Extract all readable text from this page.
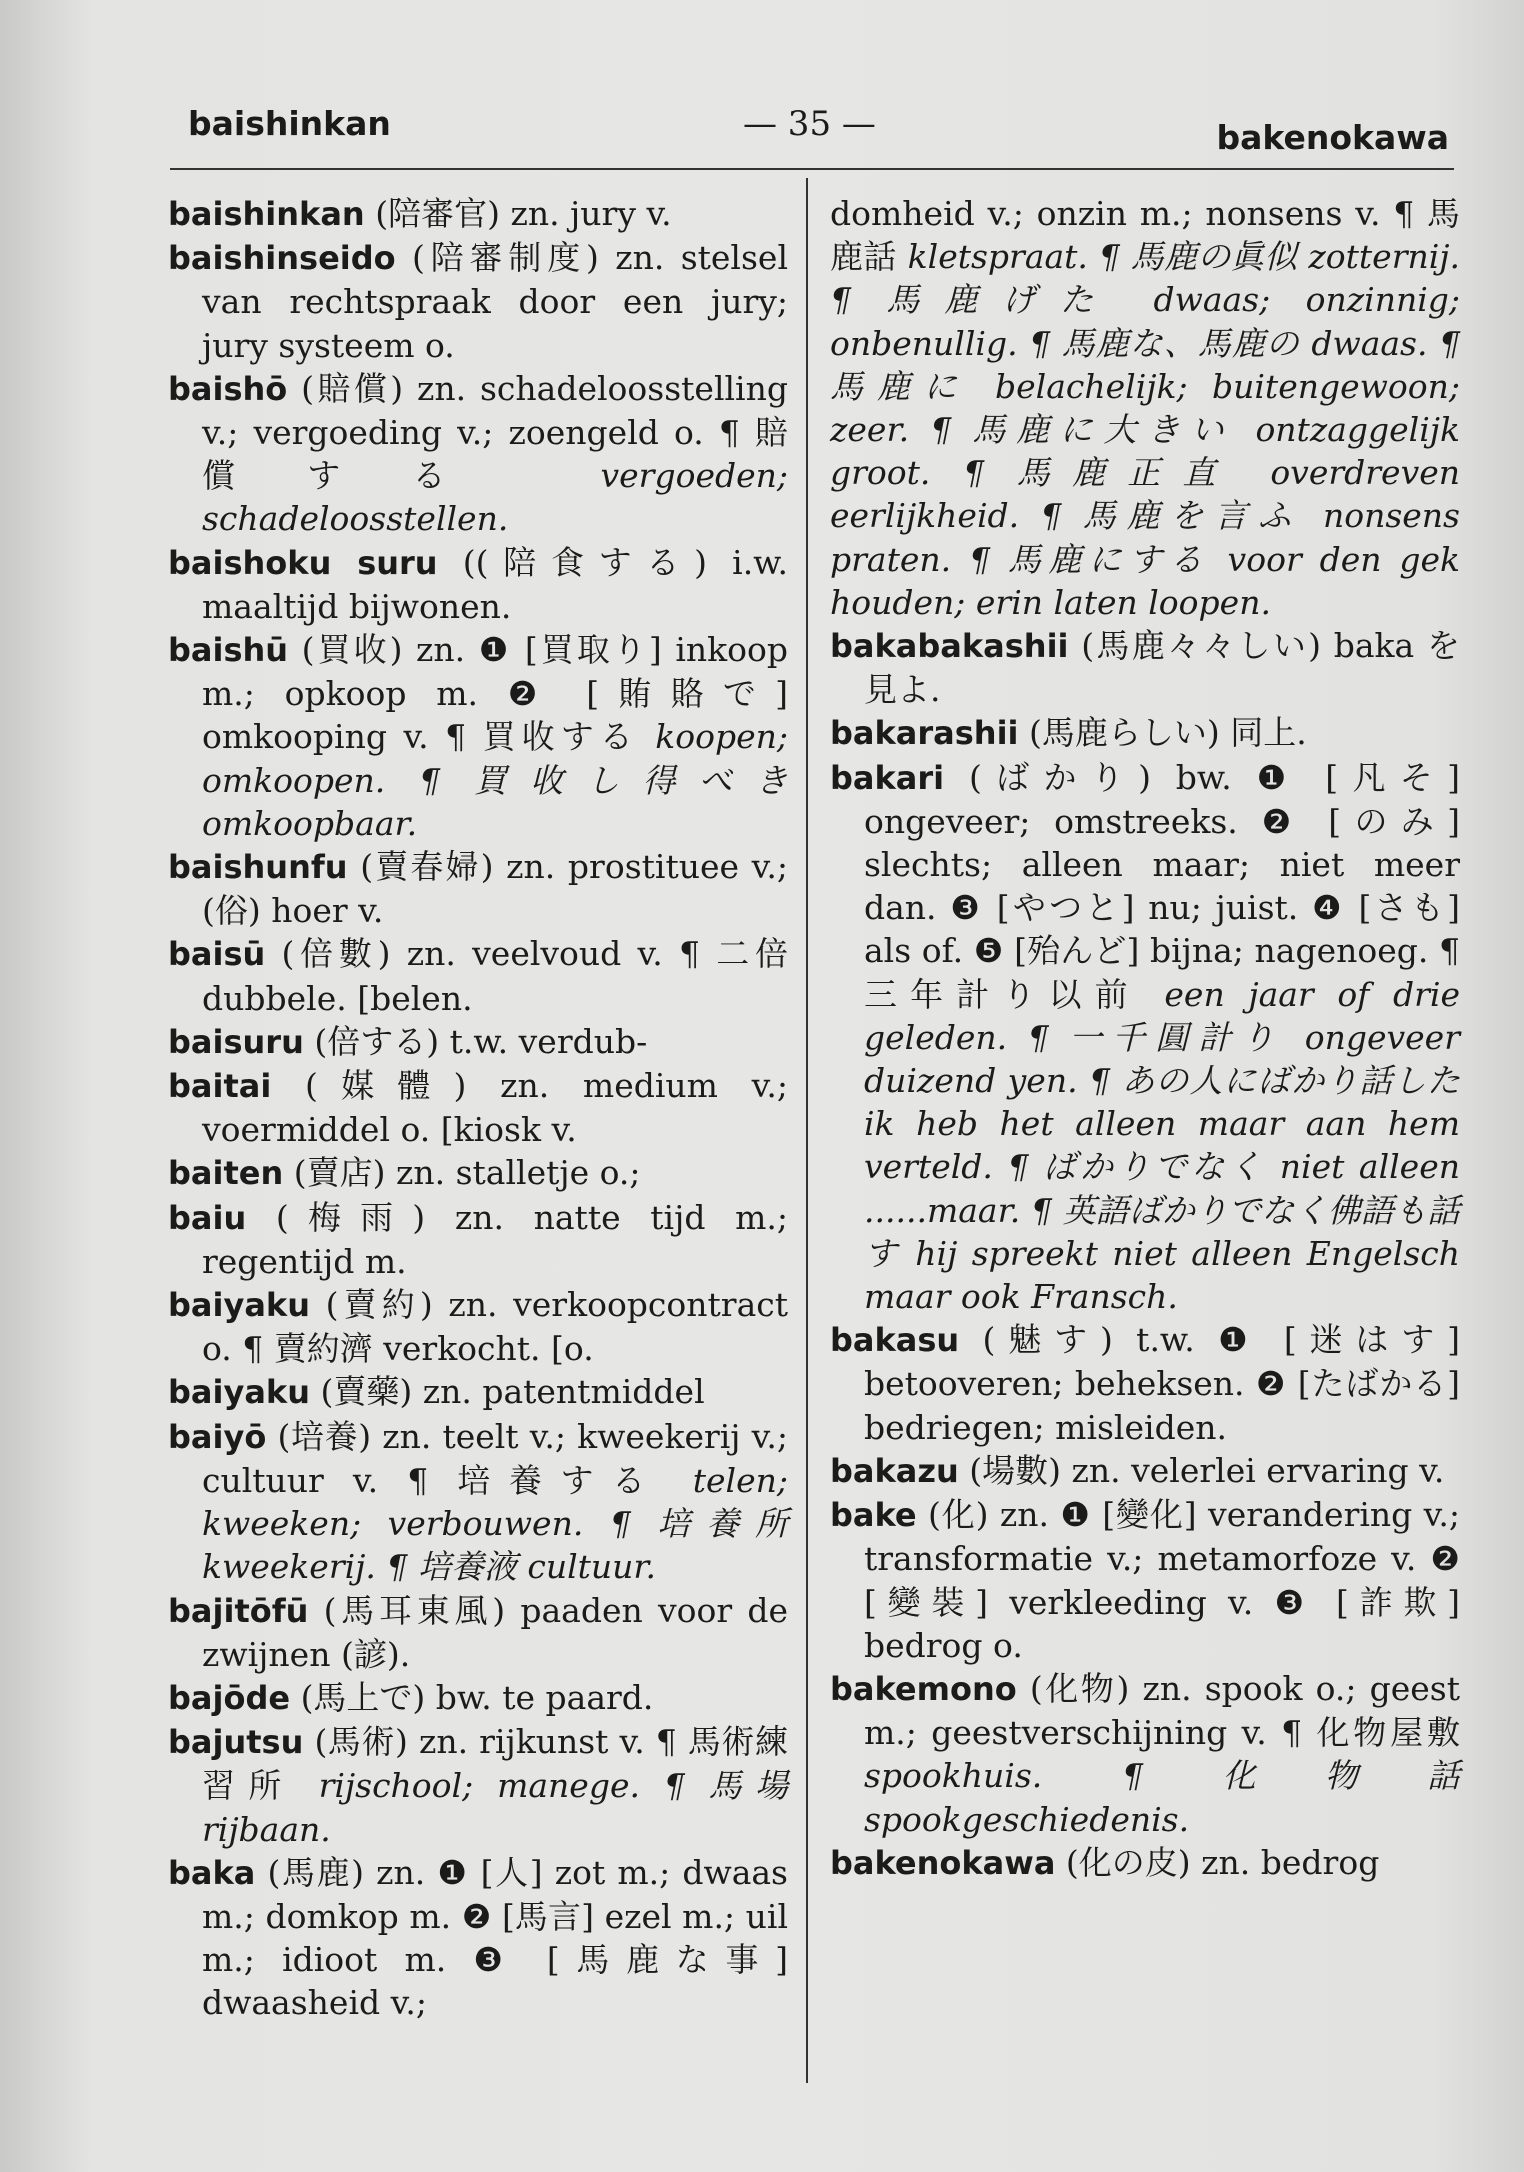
baishinkan	— 35 —	bakenokawa

baishinkan (陪審官) zn. jury v.

baishinseido (陪審制度) zn. stelsel van rechtspraak door een jury; jury systeem o.

baishō (賠償) zn. schadeloosstelling v.; vergoeding v.; zoengeld o. ¶ 賠償する	vergoeden; schadeloosstellen.

baishoku suru ((陪食する) i.w. maaltijd bijwonen.

baishū (買收) zn. ❶ [買取り] inkoop m.; opkoop m. ❷ [賄賂で] omkooping v. ¶ 買收する koopen; omkoopen. ¶ 買收し得べき omkoopbaar.

baishunfu (賣春婦) zn. prostituee v.; (俗) hoer v.

baisū (倍數) zn. veelvoud v. ¶ 二倍 dubbele. [belen.

baisuru (倍する) t.w. verdub-

baitai (媒體) zn. medium v.; voermiddel o. [kiosk v.

baiten (賣店) zn. stalletje o.;

baiu (梅雨) zn. natte tijd m.; regentijd m.

baiyaku (賣約) zn. verkoopcontract o. ¶ 賣約濟 verkocht. [o.

baiyaku (賣藥) zn. patentmiddel

baiyō (培養) zn. teelt v.; kweekerij v.; cultuur v. ¶ 培養する telen; kweeken; verbouwen. ¶ 培養所 kweekerij. ¶ 培養液 cultuur.

bajitōfū (馬耳東風) paaden voor de zwijnen (諺).

bajōde (馬上で) bw. te paard.

bajutsu (馬術) zn. rijkunst v. ¶ 馬術練習所 rijschool; manege. ¶ 馬場 rijbaan.

baka (馬鹿) zn. ❶ [人] zot m.; dwaas m.; domkop m. ❷ [馬言] ezel m.; uil m.; idioot m. ❸ [馬鹿な事] dwaasheid v.;

domheid v.; onzin m.; nonsens v. ¶ 馬鹿話 kletspraat. ¶ 馬鹿の眞似 zotternij. ¶ 馬鹿げた dwaas; onzinnig; onbenullig. ¶ 馬鹿な、馬鹿の dwaas. ¶ 馬鹿に belachelijk; buitengewoon; zeer. ¶ 馬鹿に大きい ontzaggelijk groot. ¶ 馬鹿正直 overdreven eerlijkheid. ¶ 馬鹿を言ふ nonsens praten. ¶ 馬鹿にする voor den gek houden; erin laten loopen.

bakabakashii (馬鹿々々しい) baka を見よ.

bakarashii (馬鹿らしい) 同上.

bakari (ばかり) bw. ❶ [凡そ] ongeveer; omstreeks. ❷ [のみ] slechts; alleen maar; niet meer dan. ❸ [やつと] nu; juist. ❹ [さも] als of. ❺ [殆んど] bijna; nagenoeg. ¶ 三年計り以前 een jaar of drie geleden. ¶ 一千圓計り ongeveer duizend yen. ¶ あの人にばかり話した ik heb het alleen maar aan hem verteld. ¶ ばかりでなく niet alleen ......maar. ¶ 英語ばかりでなく佛語も話す hij spreekt niet alleen Engelsch maar ook Fransch.

bakasu (魅す) t.w. ❶ [迷はす] betooveren; beheksen. ❷ [たばかる] bedriegen; misleiden.

bakazu (場數) zn. velerlei ervaring v.

bake (化) zn. ❶ [變化] verandering v.; transformatie v.; metamorfoze v. ❷ [變裝] verkleeding v. ❸ [詐欺] bedrog o.

bakemono (化物) zn. spook o.; geest m.; geestverschijning v. ¶ 化物屋敷 spookhuis. ¶ 化物話 spookgeschiedenis.

bakenokawa (化の皮) zn. bedrog
